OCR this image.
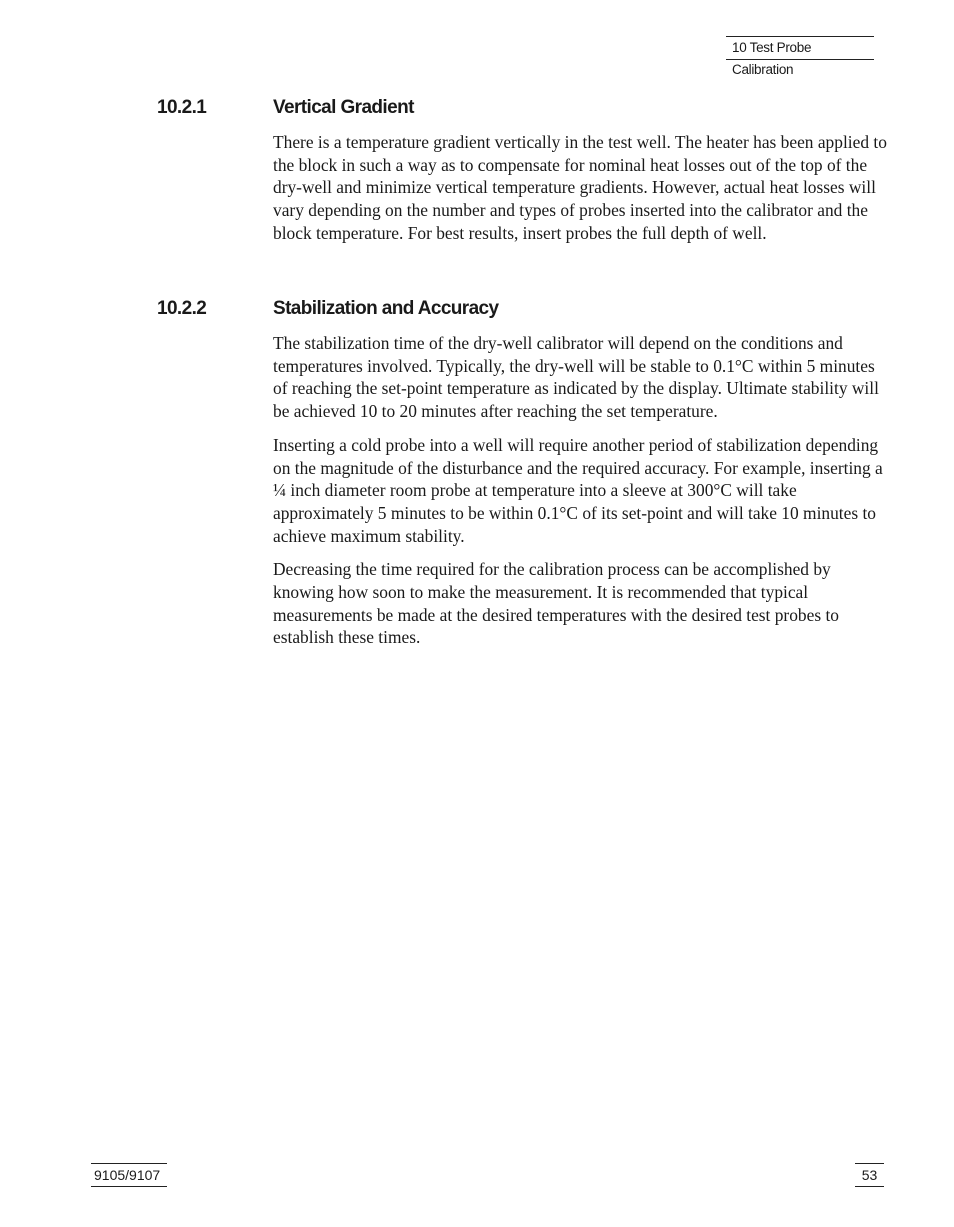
10 Test Probe Calibration
10.2.1	Vertical Gradient

There is a temperature gradient vertically in the test well. The heater has been applied to the block in such a way as to compensate for nominal heat losses out of the top of the dry-well and minimize vertical temperature gradients. However, actual heat losses will vary depending on the number and types of probes inserted into the calibrator and the block temperature. For best results, insert probes the full depth of well.

10.2.2	Stabilization and Accuracy

The stabilization time of the dry-well calibrator will depend on the conditions and temperatures involved. Typically, the dry-well will be stable to 0.1°C within 5 minutes of reaching the set-point temperature as indicated by the display. Ultimate stability will be achieved 10 to 20 minutes after reaching the set temperature.

Inserting a cold probe into a well will require another period of stabilization depending on the magnitude of the disturbance and the required accuracy. For example, inserting a ¼ inch diameter room probe at temperature into a sleeve at 300°C will take approximately 5 minutes to be within 0.1°C of its set-point and will take 10 minutes to achieve maximum stability.

Decreasing the time required for the calibration process can be accomplished by knowing how soon to make the measurement. It is recommended that typical measurements be made at the desired temperatures with the desired test probes to establish these times.

9105/9107	53
